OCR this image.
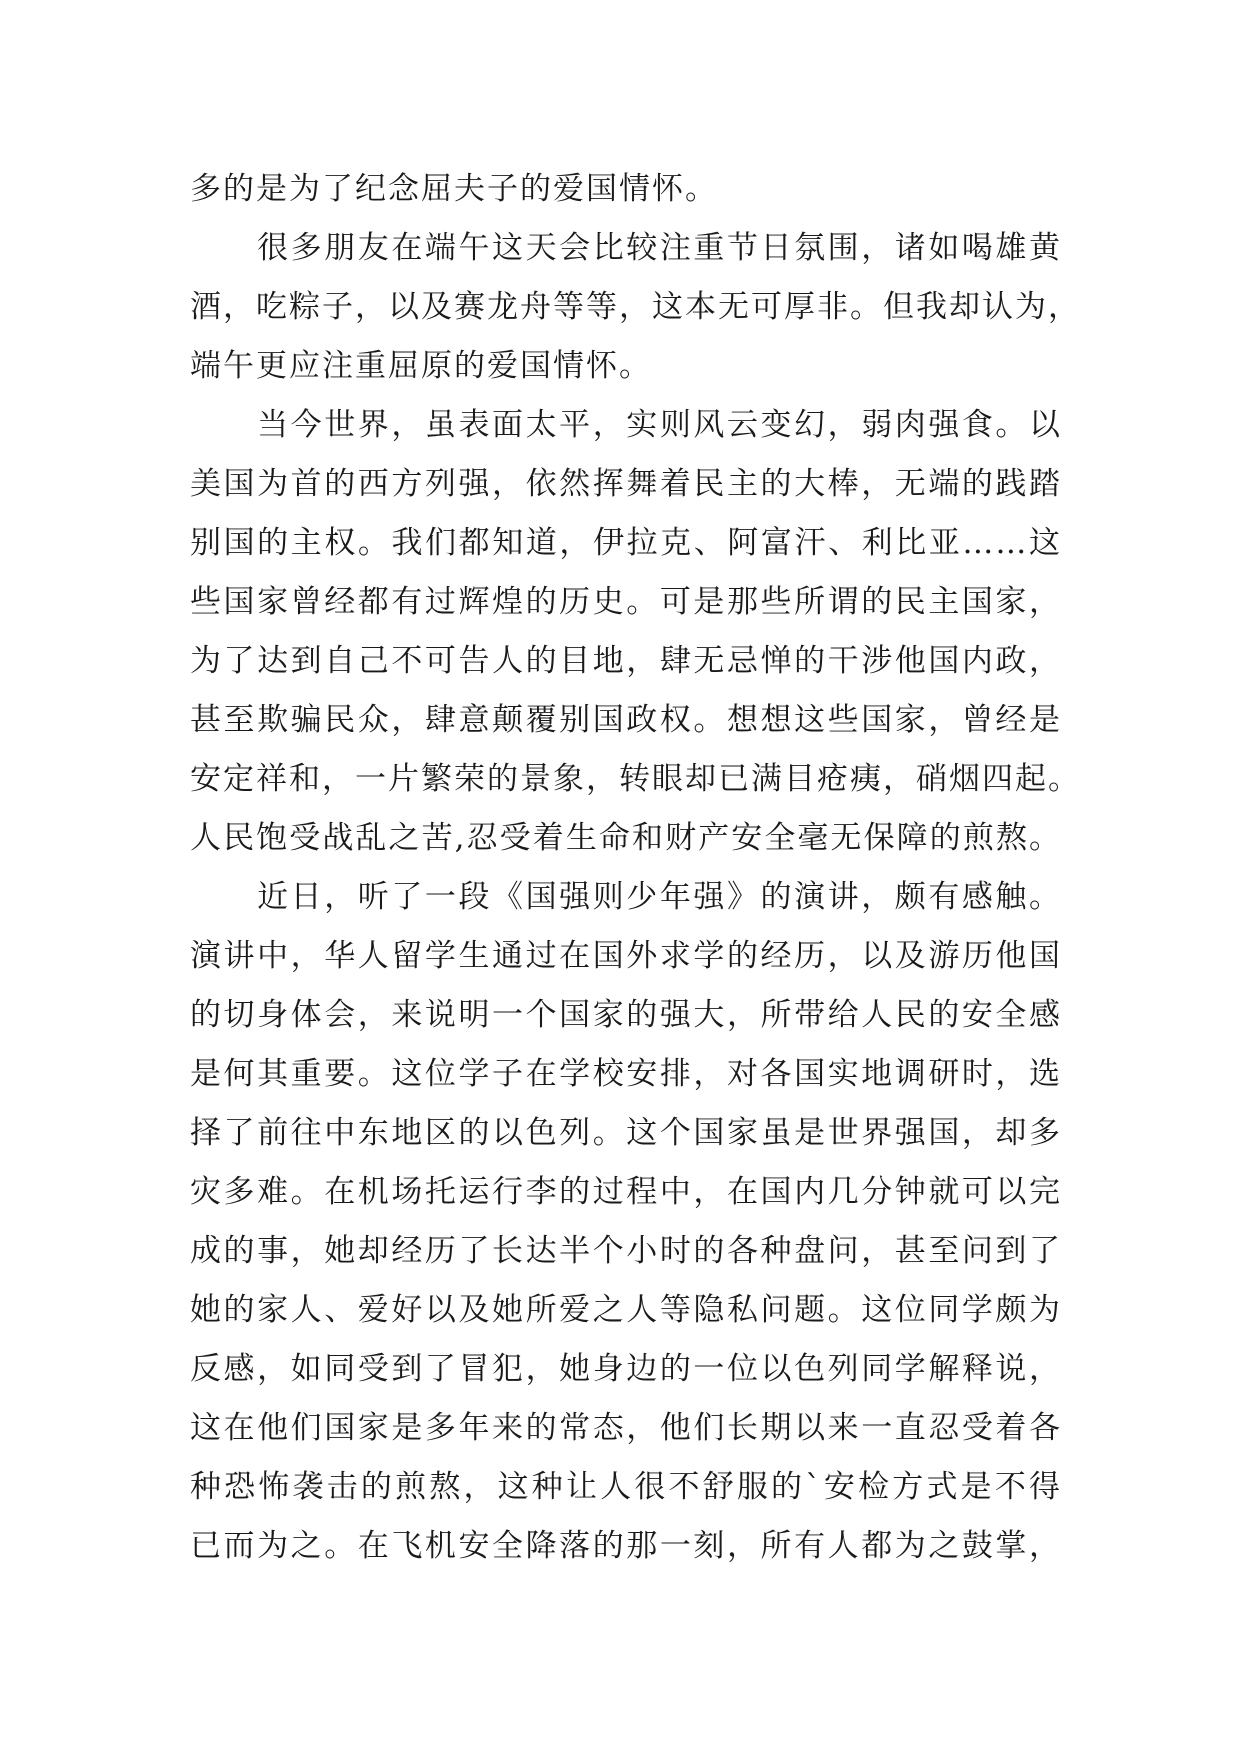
多的是为了纪念屈夫子的爱国情怀。
　　很多朋友在端午这天会比较注重节日氛围，诸如喝雄黄
酒，吃粽子，以及赛龙舟等等，这本无可厚非。但我却认为，
端午更应注重屈原的爱国情怀。
　　当今世界，虽表面太平，实则风云变幻，弱肉强食。以
美国为首的西方列强，依然挥舞着民主的大棒，无端的践踏
别国的主权。我们都知道，伊拉克、阿富汗、利比亚……这
些国家曾经都有过辉煌的历史。可是那些所谓的民主国家，
为了达到自己不可告人的目地，肆无忌惮的干涉他国内政，
甚至欺骗民众，肆意颠覆别国政权。想想这些国家，曾经是
安定祥和，一片繁荣的景象，转眼却已满目疮痍，硝烟四起。
人民饱受战乱之苦,忍受着生命和财产安全毫无保障的煎熬。
　　近日，听了一段《国强则少年强》的演讲，颇有感触。
演讲中，华人留学生通过在国外求学的经历，以及游历他国
的切身体会，来说明一个国家的强大，所带给人民的安全感
是何其重要。这位学子在学校安排，对各国实地调研时，选
择了前往中东地区的以色列。这个国家虽是世界强国，却多
灾多难。在机场托运行李的过程中，在国内几分钟就可以完
成的事，她却经历了长达半个小时的各种盘问，甚至问到了
她的家人、爱好以及她所爱之人等隐私问题。这位同学颇为
反感，如同受到了冒犯，她身边的一位以色列同学解释说，
这在他们国家是多年来的常态，他们长期以来一直忍受着各
种恐怖袭击的煎熬，这种让人很不舒服的`安检方式是不得
已而为之。在飞机安全降落的那一刻，所有人都为之鼓掌，
